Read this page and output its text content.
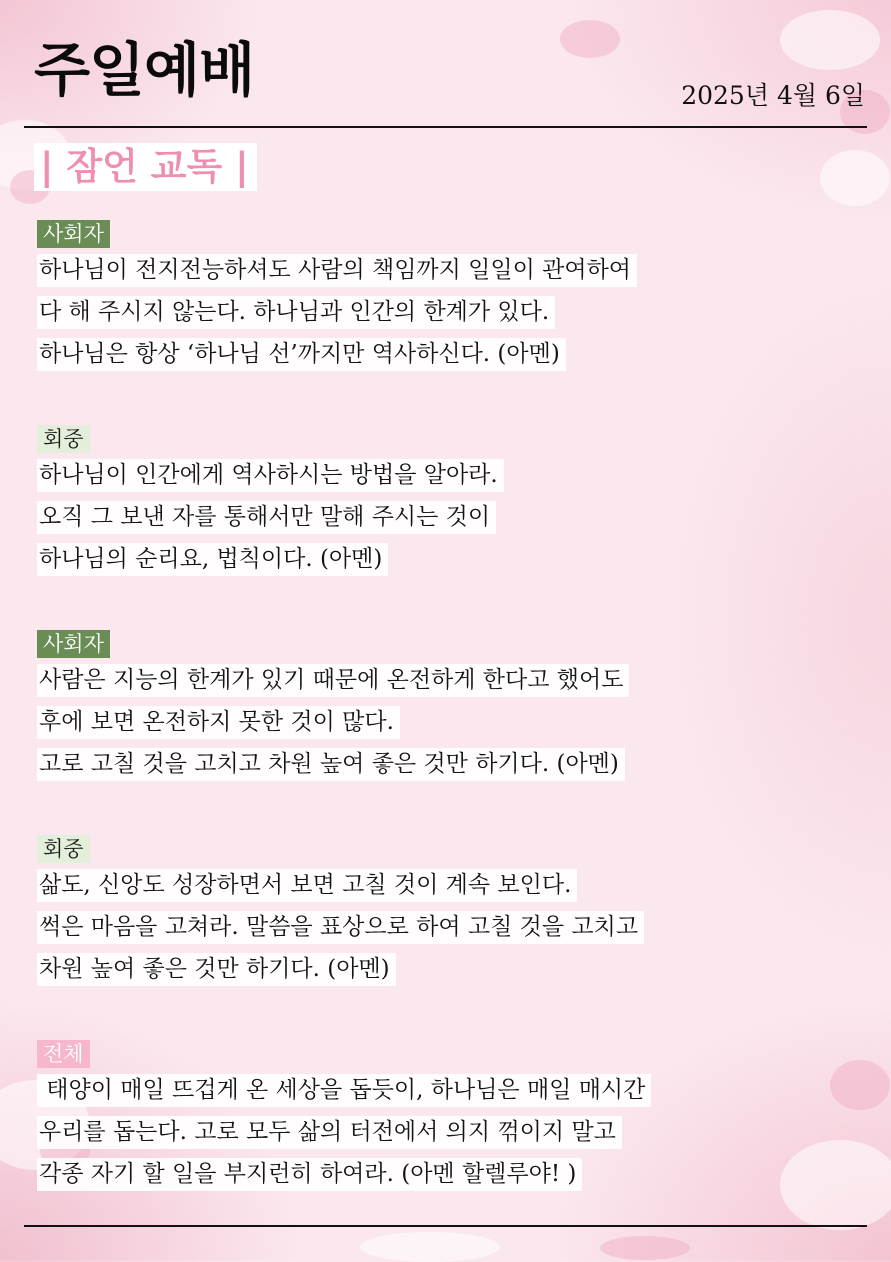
주일예배	2025년 4월 6일
| 잠언 교독 |
사회자
하나님이 전지전능하셔도 사람의 책임까지 일일이 관여하여
다 해 주시지 않는다. 하나님과 인간의 한계가 있다.
하나님은 항상 ‘하나님 선’까지만 역사하신다. (아멘)
회중
하나님이 인간에게 역사하시는 방법을 알아라.
오직 그 보낸 자를 통해서만 말해 주시는 것이
하나님의 순리요, 법칙이다. (아멘)
사회자
사람은 지능의 한계가 있기 때문에 온전하게 한다고 했어도
후에 보면 온전하지 못한 것이 많다.
고로 고칠 것을 고치고 차원 높여 좋은 것만 하기다. (아멘)
회중
삶도, 신앙도 성장하면서 보면 고칠 것이 계속 보인다.
썩은 마음을 고쳐라. 말씀을 표상으로 하여 고칠 것을 고치고
차원 높여 좋은 것만 하기다. (아멘)
전체
태양이 매일 뜨겁게 온 세상을 돕듯이, 하나님은 매일 매시간
우리를 돕는다. 고로 모두 삶의 터전에서 의지 꺾이지 말고
각종 자기 할 일을 부지런히 하여라. (아멘 할렐루야! )
